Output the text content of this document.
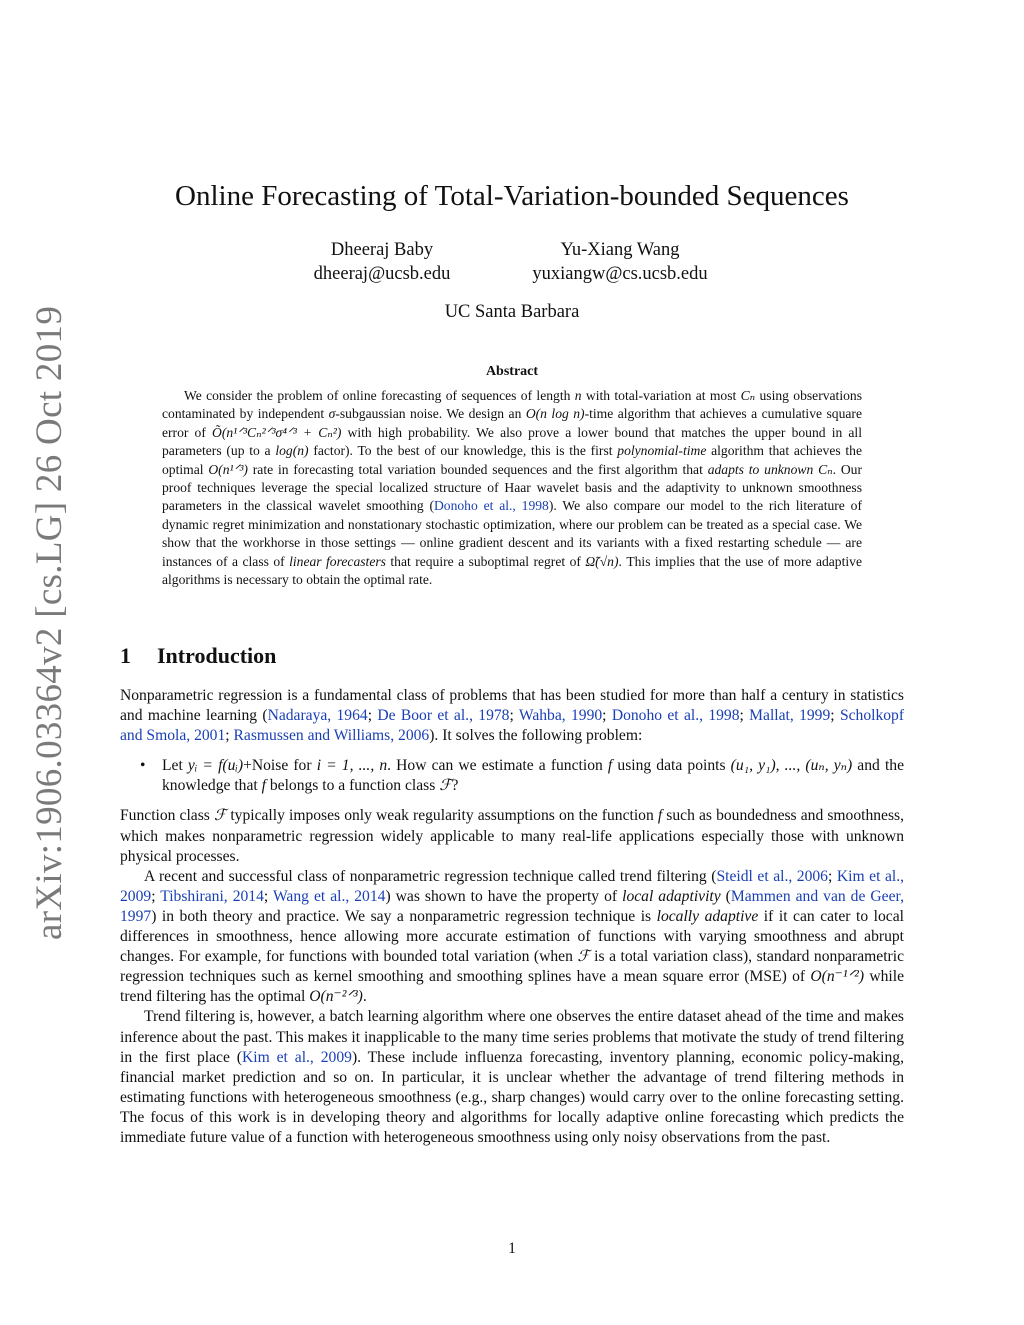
arXiv:1906.03364v2 [cs.LG] 26 Oct 2019
Online Forecasting of Total-Variation-bounded Sequences
Dheeraj Baby
dheeraj@ucsb.edu
Yu-Xiang Wang
yuxiangw@cs.ucsb.edu
UC Santa Barbara
Abstract

We consider the problem of online forecasting of sequences of length n with total-variation at most Cₙ using observations contaminated by independent σ-subgaussian noise. We design an O(n log n)-time algorithm that achieves a cumulative square error of Õ(n¹ᐟ³Cₙ²ᐟ³σ⁴ᐟ³ + Cₙ²) with high probability. We also prove a lower bound that matches the upper bound in all parameters (up to a log(n) factor). To the best of our knowledge, this is the first polynomial-time algorithm that achieves the optimal O(n¹ᐟ³) rate in forecasting total variation bounded sequences and the first algorithm that adapts to unknown Cₙ. Our proof techniques leverage the special localized structure of Haar wavelet basis and the adaptivity to unknown smoothness parameters in the classical wavelet smoothing (Donoho et al., 1998). We also compare our model to the rich literature of dynamic regret minimization and nonstationary stochastic optimization, where our problem can be treated as a special case. We show that the workhorse in those settings — online gradient descent and its variants with a fixed restarting schedule — are instances of a class of linear forecasters that require a suboptimal regret of Ω̃(√n). This implies that the use of more adaptive algorithms is necessary to obtain the optimal rate.

1 Introduction

Nonparametric regression is a fundamental class of problems that has been studied for more than half a century in statistics and machine learning (Nadaraya, 1964; De Boor et al., 1978; Wahba, 1990; Donoho et al., 1998; Mallat, 1999; Scholkopf and Smola, 2001; Rasmussen and Williams, 2006). It solves the following problem:

• Let yᵢ = f(uᵢ)+Noise for i = 1, ..., n. How can we estimate a function f using data points (u₁, y₁), ..., (uₙ, yₙ) and the knowledge that f belongs to a function class ℱ?

Function class ℱ typically imposes only weak regularity assumptions on the function f such as boundedness and smoothness, which makes nonparametric regression widely applicable to many real-life applications especially those with unknown physical processes.

A recent and successful class of nonparametric regression technique called trend filtering (Steidl et al., 2006; Kim et al., 2009; Tibshirani, 2014; Wang et al., 2014) was shown to have the property of local adaptivity (Mammen and van de Geer, 1997) in both theory and practice. We say a nonparametric regression technique is locally adaptive if it can cater to local differences in smoothness, hence allowing more accurate estimation of functions with varying smoothness and abrupt changes. For example, for functions with bounded total variation (when ℱ is a total variation class), standard nonparametric regression techniques such as kernel smoothing and smoothing splines have a mean square error (MSE) of O(n⁻¹ᐟ²) while trend filtering has the optimal O(n⁻²ᐟ³).

Trend filtering is, however, a batch learning algorithm where one observes the entire dataset ahead of the time and makes inference about the past. This makes it inapplicable to the many time series problems that motivate the study of trend filtering in the first place (Kim et al., 2009). These include influenza forecasting, inventory planning, economic policy-making, financial market prediction and so on. In particular, it is unclear whether the advantage of trend filtering methods in estimating functions with heterogeneous smoothness (e.g., sharp changes) would carry over to the online forecasting setting. The focus of this work is in developing theory and algorithms for locally adaptive online forecasting which predicts the immediate future value of a function with heterogeneous smoothness using only noisy observations from the past.

1
